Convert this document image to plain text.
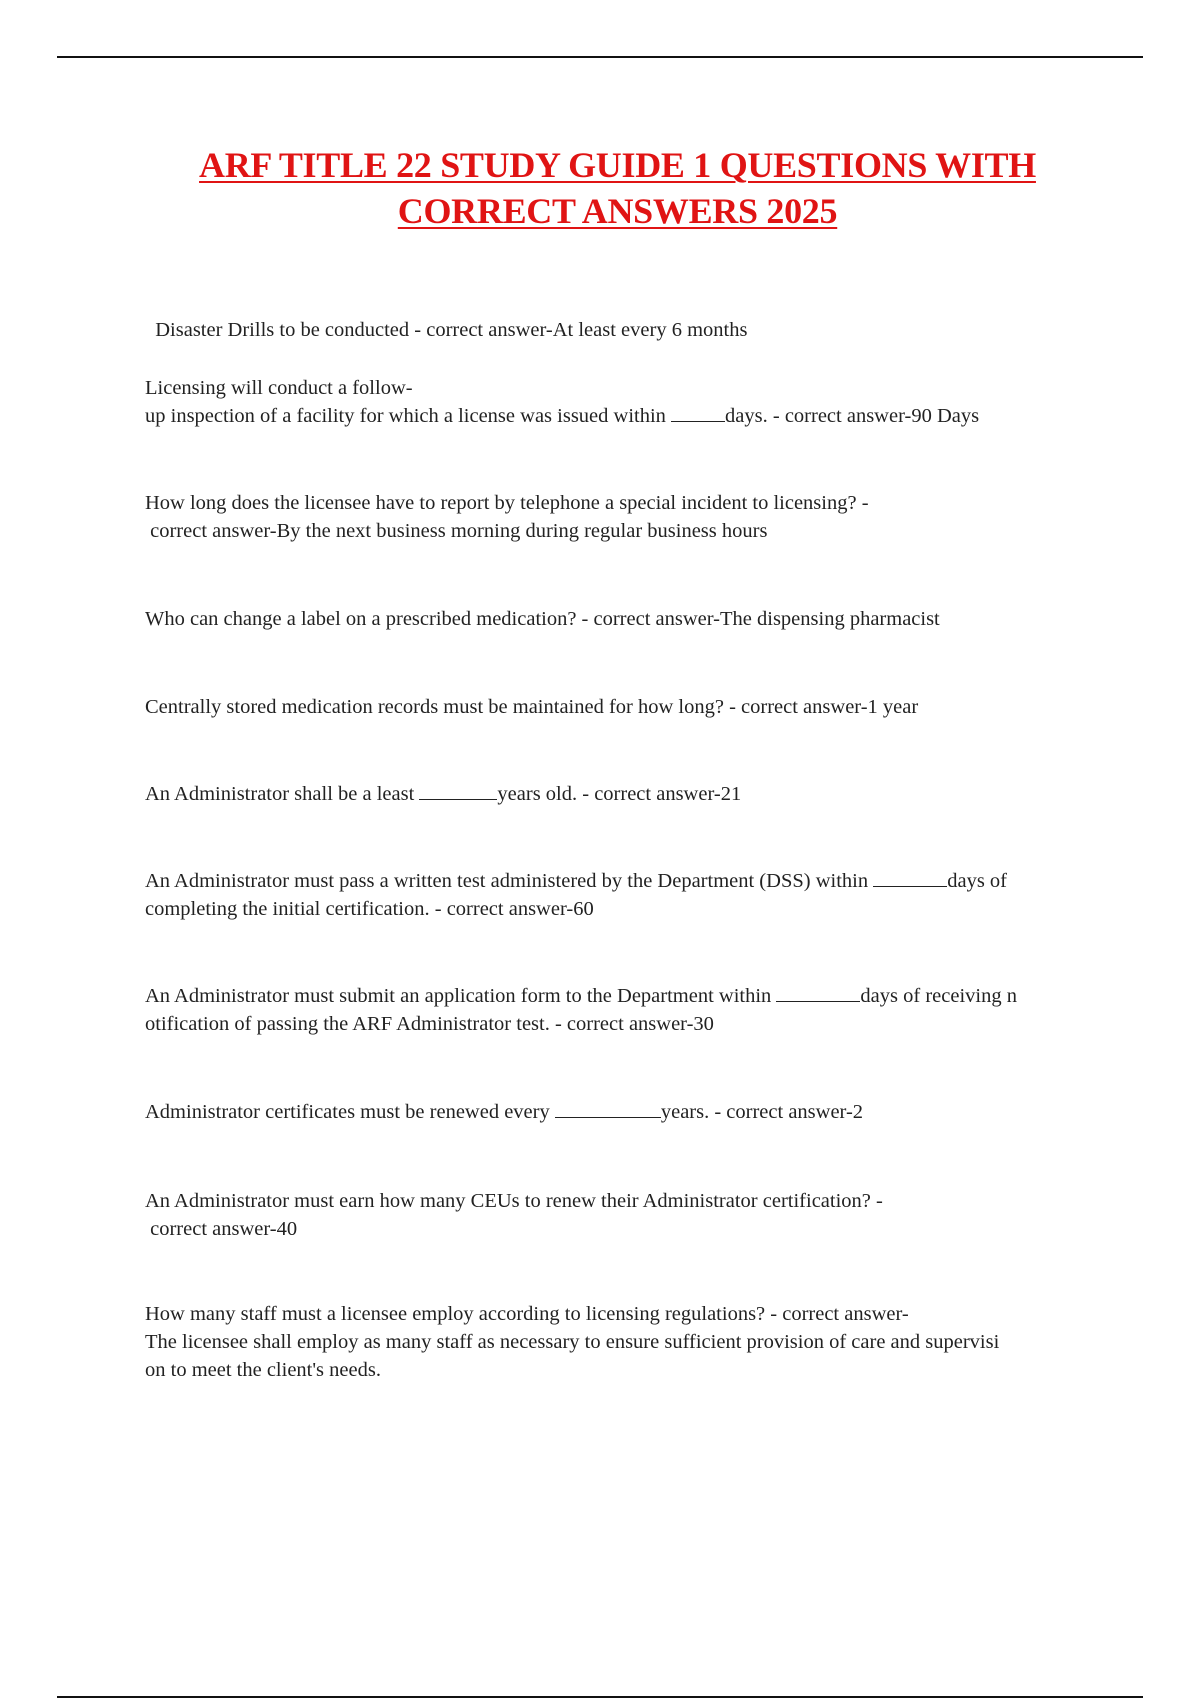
ARF TITLE 22 STUDY GUIDE 1 QUESTIONS WITH
CORRECT ANSWERS 2025

Disaster Drills to be conducted - correct answer-At least every 6 months

Licensing will conduct a follow-
up inspection of a facility for which a license was issued within	days. - correct answer-90 Days
How long does the licensee have to report by telephone a special incident to licensing? -
correct answer-By the next business morning during regular business hours
Who can change a label on a prescribed medication? - correct answer-The dispensing pharmacist
Centrally stored medication records must be maintained for how long? - correct answer-1 year
An Administrator shall be a least	years old. - correct answer-21
An Administrator must pass a written test administered by the Department (DSS) within	days of
completing the initial certification. - correct answer-60
An Administrator must submit an application form to the Department within	days of receiving n
otification of passing the ARF Administrator test. - correct answer-30
Administrator certificates must be renewed every	years. - correct answer-2
An Administrator must earn how many CEUs to renew their Administrator certification? -
correct answer-40
How many staff must a licensee employ according to licensing regulations? - correct answer-
The licensee shall employ as many staff as necessary to ensure sufficient provision of care and supervisi
on to meet the client's needs.
